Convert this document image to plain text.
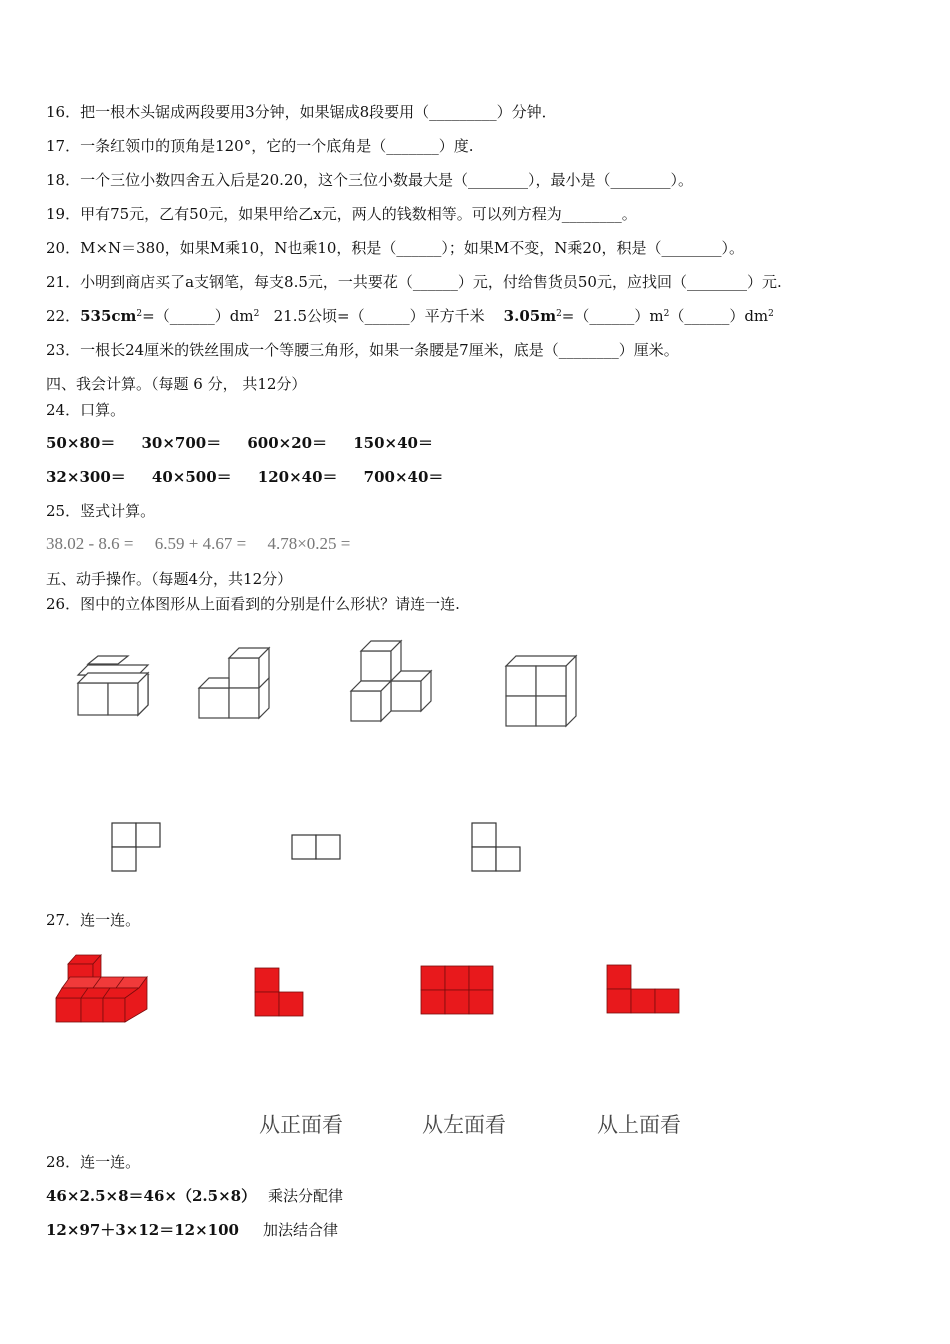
16．把一根木头锯成两段要用3分钟，如果锯成8段要用（_________）分钟．
17．一条红领巾的顶角是120°，它的一个底角是（_______）度.
18．一个三位小数四舍五入后是20.20，这个三位小数最大是（________），最小是（________）。
19．甲有75元，乙有50元，如果甲给乙x元，两人的钱数相等。可以列方程为________。
20．M×N＝380，如果M乘10，N也乘10，积是（______）；如果M不变，N乘20，积是（________）。
21．小明到商店买了a支钢笔，每支8.5元，一共要花（______）元，付给售货员50元，应找回（________）元.
22．$535cm^2=(\_\_\_\_\_\_)dm^2$ 21.5公顷=（______）平方千米 $3.05m^2=(\_\_\_\_\_\_)m^2(\_\_\_\_\_\_)dm^2$
23．一根长24厘米的铁丝围成一个等腰三角形，如果一条腰是7厘米，底是（________）厘米。
四、我会计算。（每题 6 分， 共12分）
24．口算。
50×80＝ 30×700＝ 600×20＝ 150×40＝
32×300＝ 40×500＝ 120×40＝ 700×40＝
25．竖式计算。
38.02 - 8.6 = 6.59 + 4.67 = 4.78×0.25 =
五、动手操作。（每题4分，共12分）
26．图中的立体图形从上面看到的分别是什么形状？请连一连.
27．连一连。
从正面看	从左面看	从上面看
28．连一连。
46×2.5×8＝46×（2.5×8） 乘法分配律
12×97＋3×12＝12×100 加法结合律
